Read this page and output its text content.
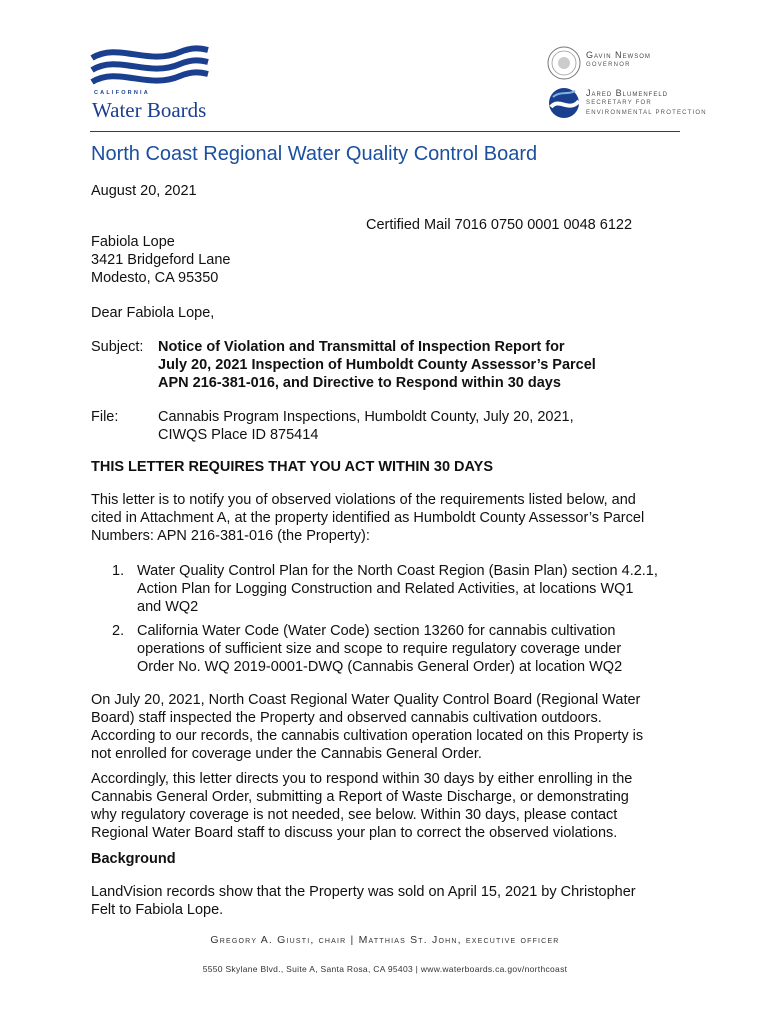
CALIFORNIA
Water Boards
Gavin Newsom
GOVERNOR
Jared Blumenfeld
SECRETARY FOR
ENVIRONMENTAL PROTECTION
North Coast Regional Water Quality Control Board
August 20, 2021
Certified Mail 7016 0750 0001 0048 6122
Fabiola Lope
3421 Bridgeford Lane
Modesto, CA 95350
Dear Fabiola Lope,
Subject: Notice of Violation and Transmittal of Inspection Report for
July 20, 2021 Inspection of Humboldt County Assessor’s Parcel
APN 216-381-016, and Directive to Respond within 30 days
File:	Cannabis Program Inspections, Humboldt County, July 20, 2021,
CIWQS Place ID 875414
THIS LETTER REQUIRES THAT YOU ACT WITHIN 30 DAYS
This letter is to notify you of observed violations of the requirements listed below, and
cited in Attachment A, at the property identified as Humboldt County Assessor’s Parcel
Numbers: APN 216-381-016 (the Property):
1. Water Quality Control Plan for the North Coast Region (Basin Plan) section 4.2.1,
Action Plan for Logging Construction and Related Activities, at locations WQ1
and WQ2
2. California Water Code (Water Code) section 13260 for cannabis cultivation
operations of sufficient size and scope to require regulatory coverage under
Order No. WQ 2019-0001-DWQ (Cannabis General Order) at location WQ2
On July 20, 2021, North Coast Regional Water Quality Control Board (Regional Water
Board) staff inspected the Property and observed cannabis cultivation outdoors.
According to our records, the cannabis cultivation operation located on this Property is
not enrolled for coverage under the Cannabis General Order.
Accordingly, this letter directs you to respond within 30 days by either enrolling in the
Cannabis General Order, submitting a Report of Waste Discharge, or demonstrating
why regulatory coverage is not needed, see below. Within 30 days, please contact
Regional Water Board staff to discuss your plan to correct the observed violations.
Background
LandVision records show that the Property was sold on April 15, 2021 by Christopher
Felt to Fabiola Lope.
Gregory A. Giusti, chair | Matthias St. John, executive officer
5550 Skylane Blvd., Suite A, Santa Rosa, CA 95403 | www.waterboards.ca.gov/northcoast
